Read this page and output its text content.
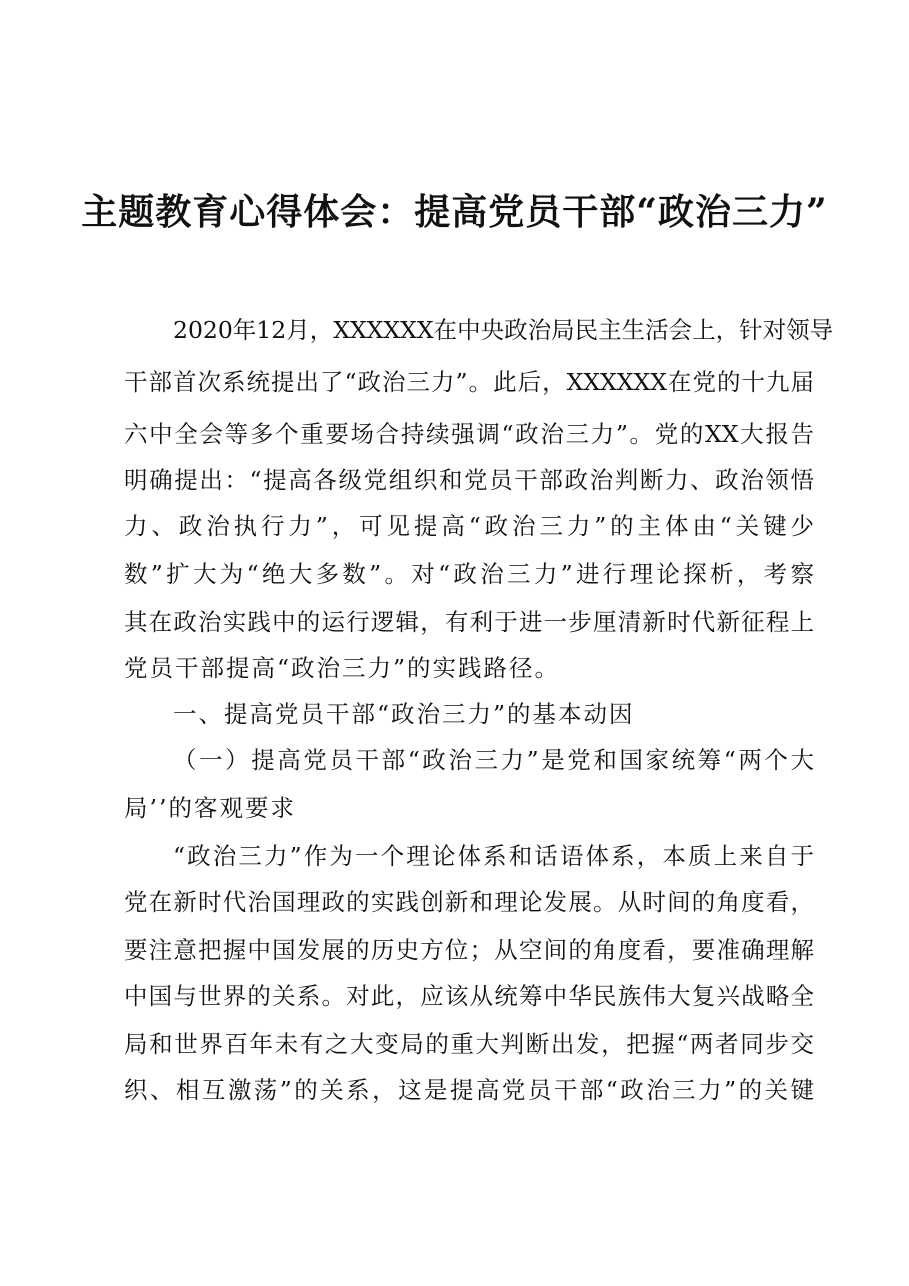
主题教育心得体会：提高党员干部“政治三力”
2020年12月，XXXXXX在中央政治局民主生活会上，针对领导
干部首次系统提出了“政治三力”。此后，XXXXXX在党的十九届
六中全会等多个重要场合持续强调“政治三力”。党的XX大报告
明确提出：“提高各级党组织和党员干部政治判断力、政治领悟
力、政治执行力”，可见提高“政治三力”的主体由“关键少
数”扩大为“绝大多数”。对“政治三力”进行理论探析，考察
其在政治实践中的运行逻辑，有利于进一步厘清新时代新征程上
党员干部提高“政治三力”的实践路径。
一、提高党员干部“政治三力”的基本动因
（一）提高党员干部“政治三力”是党和国家统筹“两个大
局’’的客观要求
“政治三力”作为一个理论体系和话语体系，本质上来自于
党在新时代治国理政的实践创新和理论发展。从时间的角度看，
要注意把握中国发展的历史方位；从空间的角度看，要准确理解
中国与世界的关系。对此，应该从统筹中华民族伟大复兴战略全
局和世界百年未有之大变局的重大判断出发，把握“两者同步交
织、相互激荡”的关系，这是提高党员干部“政治三力”的关键
